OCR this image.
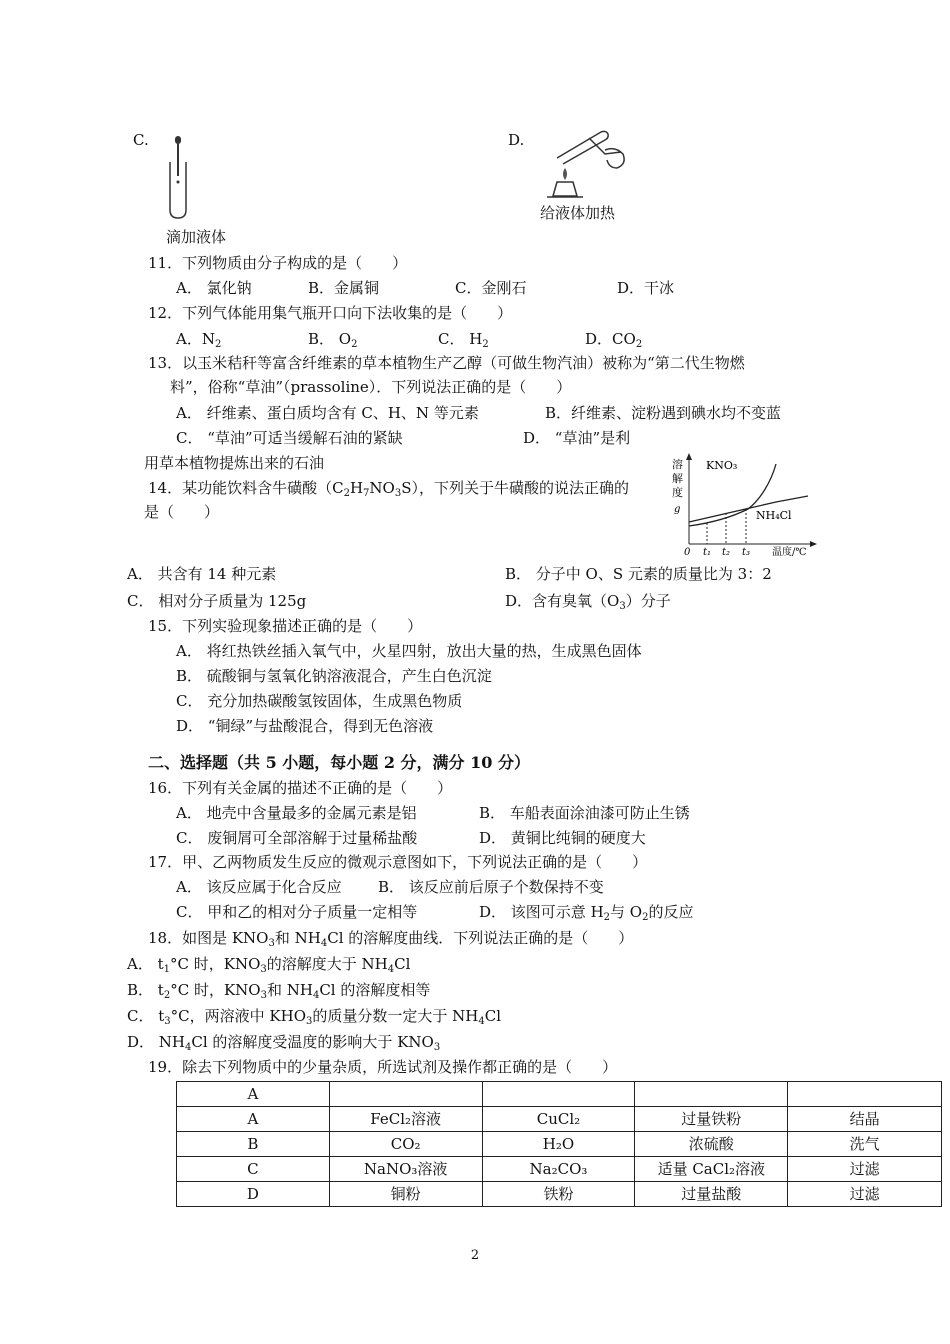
C.
滴加液体
D.
给液体加热
11．下列物质由分子构成的是（　　）
A． 氯化钠	B．金属铜	C．金刚石	D．干冰
12．下列气体能用集气瓶开口向下法收集的是（　　）
A．$N_2$	B． $O_2$	C． $H_2$	D．$CO_2$
13．以玉米秸秆等富含纤维素的草本植物生产乙醇（可做生物汽油）被称为“第二代生物燃
料”，俗称“草油”（prassoline）．下列说法正确的是（　　）
A． 纤维素、蛋白质均含有 C、H、N 等元素	B．纤维素、淀粉遇到碘水均不变蓝
C． “草油”可适当缓解石油的紧缺	D． “草油”是利
用草本植物提炼出来的石油
14．某功能饮料含牛磺酸$(C_2H_7NO_3S)$，下列关于牛磺酸的说法正确的
是（　　）
溶
解
度
g
KNO₃
NH₄Cl
0 t₁ t₂ t₃ 温度/℃
A． 共含有 14 种元素	B． 分子中 O、S 元素的质量比为 3：2
C． 相对分子质量为 125g	D．含有臭氧$(O_3)$分子
15．下列实验现象描述正确的是（　　）
A． 将红热铁丝插入氧气中，火星四射，放出大量的热，生成黑色固体
B． 硫酸铜与氢氧化钠溶液混合，产生白色沉淀
C． 充分加热碳酸氢铵固体，生成黑色物质
D． “铜绿”与盐酸混合，得到无色溶液
二、选择题（共 5 小题，每小题 2 分，满分 10 分）
16．下列有关金属的描述不正确的是（　　）
A． 地壳中含量最多的金属元素是铝	B． 车船表面涂油漆可防止生锈
C． 废铜屑可全部溶解于过量稀盐酸	D． 黄铜比纯铜的硬度大
17．甲、乙两物质发生反应的微观示意图如下，下列说法正确的是（　　）
A． 该反应属于化合反应 B． 该反应前后原子个数保持不变
C． 甲和乙的相对分子质量一定相等	D． 该图可示意 $H_2$与 $O_2$的反应
18．如图是 $KNO_3$和 $NH_4Cl$ 的溶解度曲线．下列说法正确的是（　　）
A． $t_1^\circ C$ 时，$KNO_3$的溶解度大于 $NH_4Cl$
B． $t_2^\circ C$ 时，$KNO_3$和 $NH_4Cl$ 的溶解度相等
C． $t_3^\circ C$，两溶液中 $KHO_3$的质量分数一定大于 $NH_4Cl$
D． $NH_4Cl$ 的溶解度受温度的影响大于 $KNO_3$
19．除去下列物质中的少量杂质，所选试剂及操作都正确的是（　　）
A				
A	FeCl₂溶液	CuCl₂	过量铁粉	结晶
B	CO₂	H₂O	浓硫酸	洗气
C	NaNO₃溶液	Na₂CO₃	适量 CaCl₂溶液	过滤
D	铜粉	铁粉	过量盐酸	过滤
2
